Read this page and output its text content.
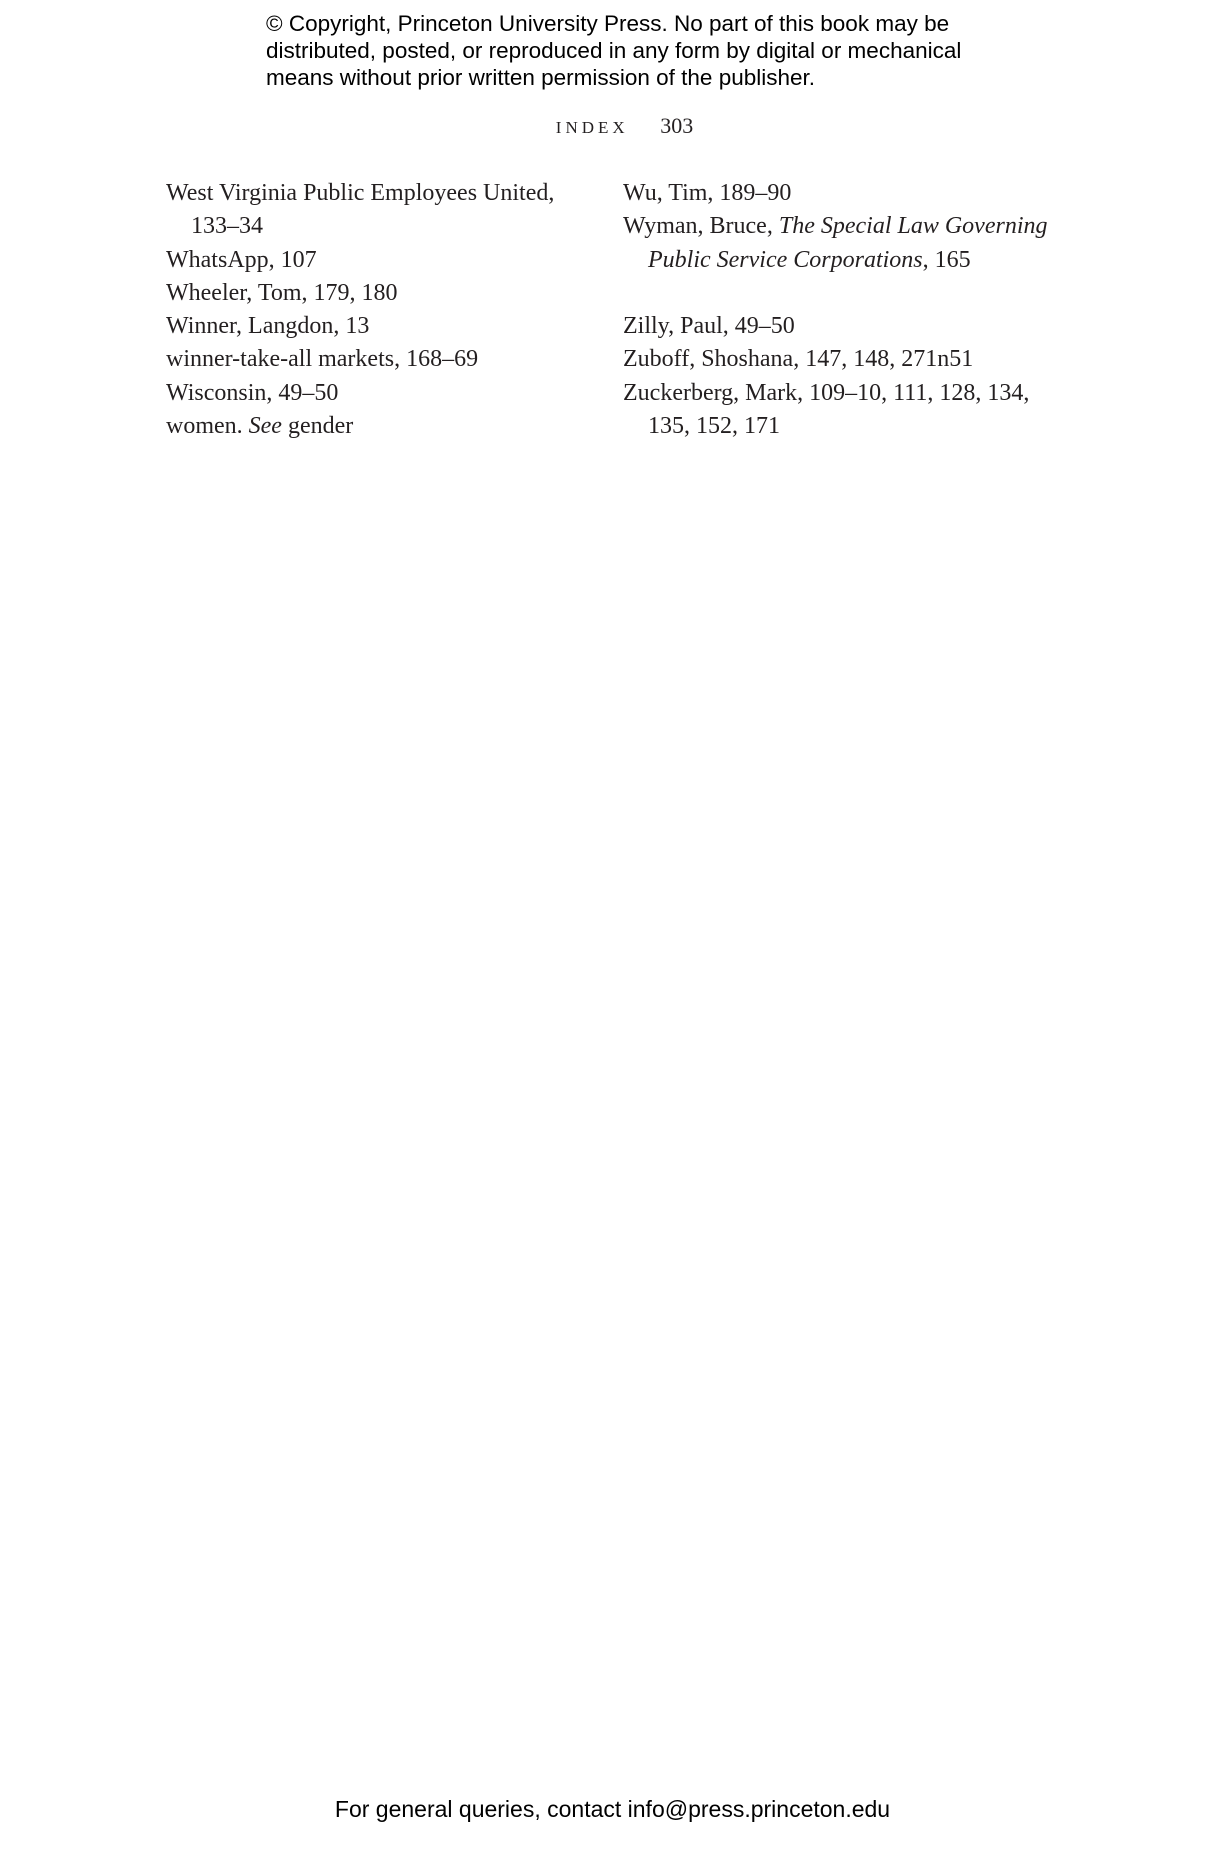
© Copyright, Princeton University Press. No part of this book may be
distributed, posted, or reproduced in any form by digital or mechanical
means without prior written permission of the publisher.
INDEX 303

West Virginia Public Employees United, 133–34

WhatsApp, 107

Wheeler, Tom, 179, 180

Winner, Langdon, 13

winner-take-all markets, 168–69

Wisconsin, 49–50

women. See gender

Wu, Tim, 189–90

Wyman, Bruce, The Special Law Governing Public Service Corporations, 165

Zilly, Paul, 49–50

Zuboff, Shoshana, 147, 148, 271n51

Zuckerberg, Mark, 109–10, 111, 128, 134, 135, 152, 171

For general queries, contact info@press.princeton.edu
